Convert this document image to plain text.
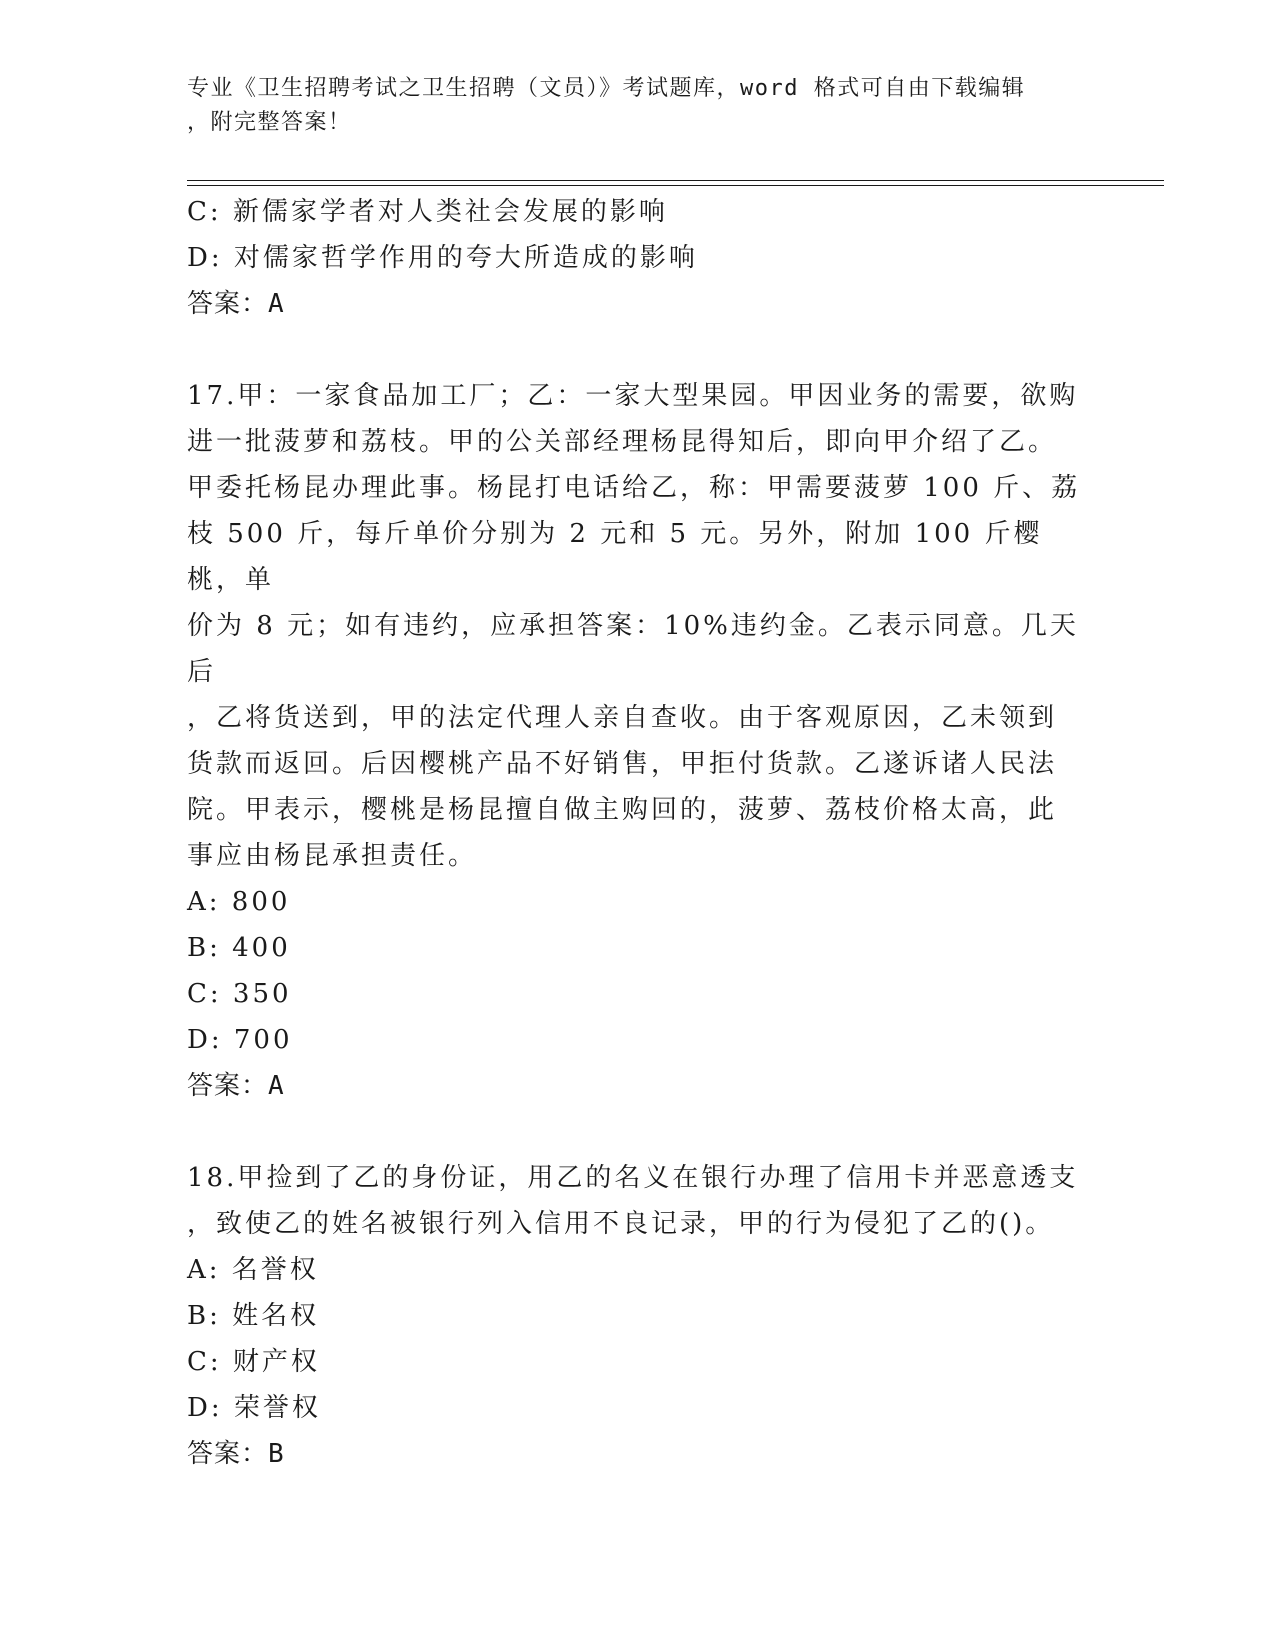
专业《卫生招聘考试之卫生招聘（文员）》考试题库，word 格式可自由下载编辑

，附完整答案！

C: 新儒家学者对人类社会发展的影响

D: 对儒家哲学作用的夸大所造成的影响

答案：A

17.甲：一家食品加工厂；乙：一家大型果园。甲因业务的需要，欲购

进一批菠萝和荔枝。甲的公关部经理杨昆得知后，即向甲介绍了乙。

甲委托杨昆办理此事。杨昆打电话给乙，称：甲需要菠萝 100 斤、荔

枝 500 斤，每斤单价分别为 2 元和 5 元。另外，附加 100 斤樱桃，单

价为 8 元；如有违约，应承担答案：10%违约金。乙表示同意。几天后

，乙将货送到，甲的法定代理人亲自查收。由于客观原因，乙未领到

货款而返回。后因樱桃产品不好销售，甲拒付货款。乙遂诉诸人民法

院。甲表示，樱桃是杨昆擅自做主购回的，菠萝、荔枝价格太高，此

事应由杨昆承担责任。

A: 800

B: 400

C: 350

D: 700

答案：A

18.甲捡到了乙的身份证，用乙的名义在银行办理了信用卡并恶意透支

，致使乙的姓名被银行列入信用不良记录，甲的行为侵犯了乙的()。

A: 名誉权

B: 姓名权

C: 财产权

D: 荣誉权

答案：B
